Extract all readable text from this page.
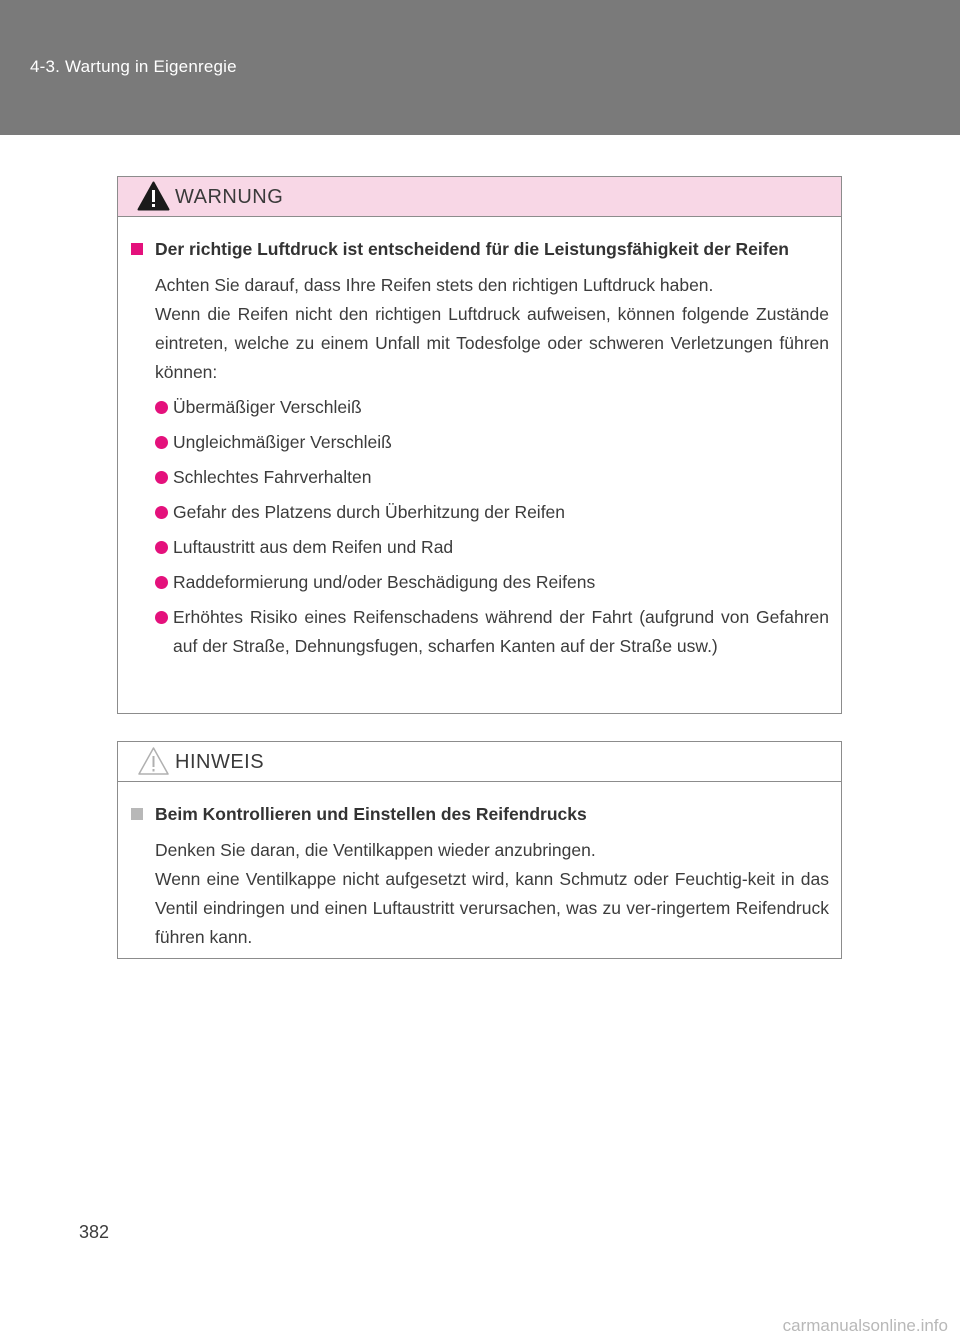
4-3. Wartung in Eigenregie
WARNUNG
Der richtige Luftdruck ist entscheidend für die Leistungsfähigkeit der Reifen
Achten Sie darauf, dass Ihre Reifen stets den richtigen Luftdruck haben.
Wenn die Reifen nicht den richtigen Luftdruck aufweisen, können folgende Zustände eintreten, welche zu einem Unfall mit Todesfolge oder schweren Verletzungen führen können:
Übermäßiger Verschleiß
Ungleichmäßiger Verschleiß
Schlechtes Fahrverhalten
Gefahr des Platzens durch Überhitzung der Reifen
Luftaustritt aus dem Reifen und Rad
Raddeformierung und/oder Beschädigung des Reifens
Erhöhtes Risiko eines Reifenschadens während der Fahrt (aufgrund von Gefahren auf der Straße, Dehnungsfugen, scharfen Kanten auf der Straße usw.)
HINWEIS
Beim Kontrollieren und Einstellen des Reifendrucks
Denken Sie daran, die Ventilkappen wieder anzubringen.
Wenn eine Ventilkappe nicht aufgesetzt wird, kann Schmutz oder Feuchtig-keit in das Ventil eindringen und einen Luftaustritt verursachen, was zu ver-ringertem Reifendruck führen kann.
382
carmanualsonline.info
